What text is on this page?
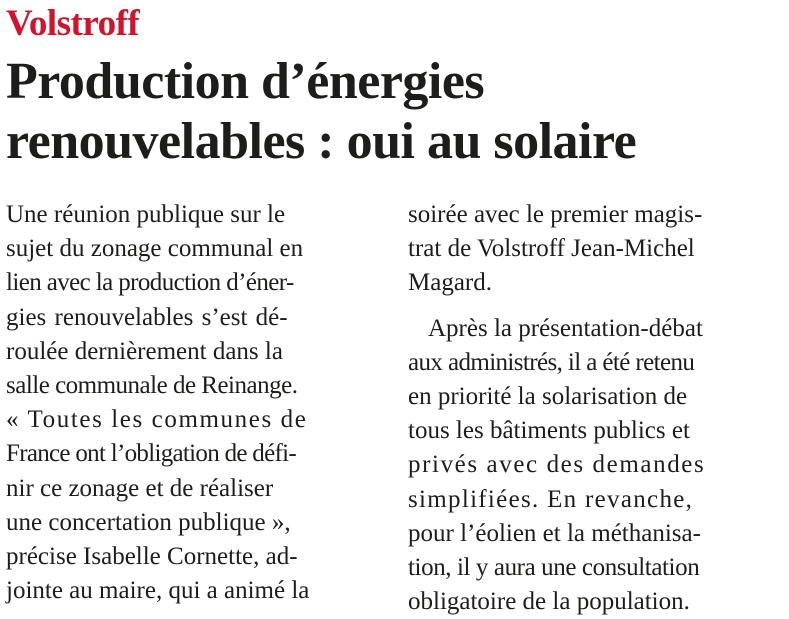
Volstroff

Production d’énergies
renouvelables : oui au solaire
Une réunion publique sur le
sujet du zonage communal en
lien avec la production d’éner-
gies renouvelables s’est dé-
roulée dernièrement dans la
salle communale de Reinange.
« Toutes les communes de
France ont l’obligation de défi-
nir ce zonage et de réaliser
une concertation publique »,
précise Isabelle Cornette, ad-
jointe au maire, qui a animé la
soirée avec le premier magis-
trat de Volstroff Jean-Michel
Magard.
Après la présentation-débat
aux administrés, il a été retenu
en priorité la solarisation de
tous les bâtiments publics et
privés avec des demandes
simplifiées. En revanche,
pour l’éolien et la méthanisa-
tion, il y aura une consultation
obligatoire de la population.
